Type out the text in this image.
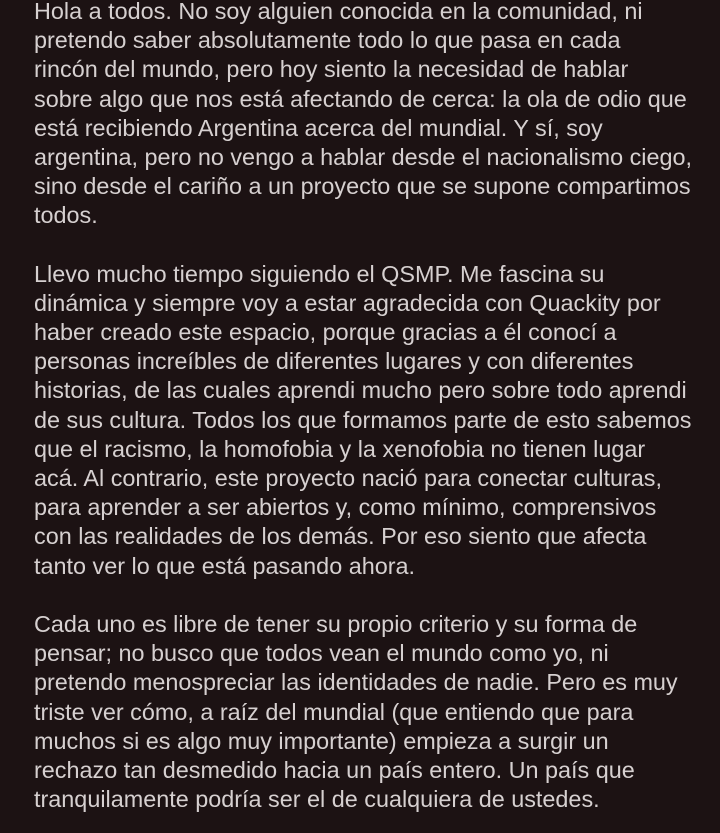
Hola a todos. No soy alguien conocida en la comunidad, ni
pretendo saber absolutamente todo lo que pasa en cada
rincón del mundo, pero hoy siento la necesidad de hablar
sobre algo que nos está afectando de cerca: la ola de odio que
está recibiendo Argentina acerca del mundial. Y sí, soy
argentina, pero no vengo a hablar desde el nacionalismo ciego,
sino desde el cariño a un proyecto que se supone compartimos
todos.
Llevo mucho tiempo siguiendo el QSMP. Me fascina su
dinámica y siempre voy a estar agradecida con Quackity por
haber creado este espacio, porque gracias a él conocí a
personas increíbles de diferentes lugares y con diferentes
historias, de las cuales aprendi mucho pero sobre todo aprendi
de sus cultura. Todos los que formamos parte de esto sabemos
que el racismo, la homofobia y la xenofobia no tienen lugar
acá. Al contrario, este proyecto nació para conectar culturas,
para aprender a ser abiertos y, como mínimo, comprensivos
con las realidades de los demás. Por eso siento que afecta
tanto ver lo que está pasando ahora.
Cada uno es libre de tener su propio criterio y su forma de
pensar; no busco que todos vean el mundo como yo, ni
pretendo menospreciar las identidades de nadie. Pero es muy
triste ver cómo, a raíz del mundial (que entiendo que para
muchos si es algo muy importante) empieza a surgir un
rechazo tan desmedido hacia un país entero. Un país que
tranquilamente podría ser el de cualquiera de ustedes.
